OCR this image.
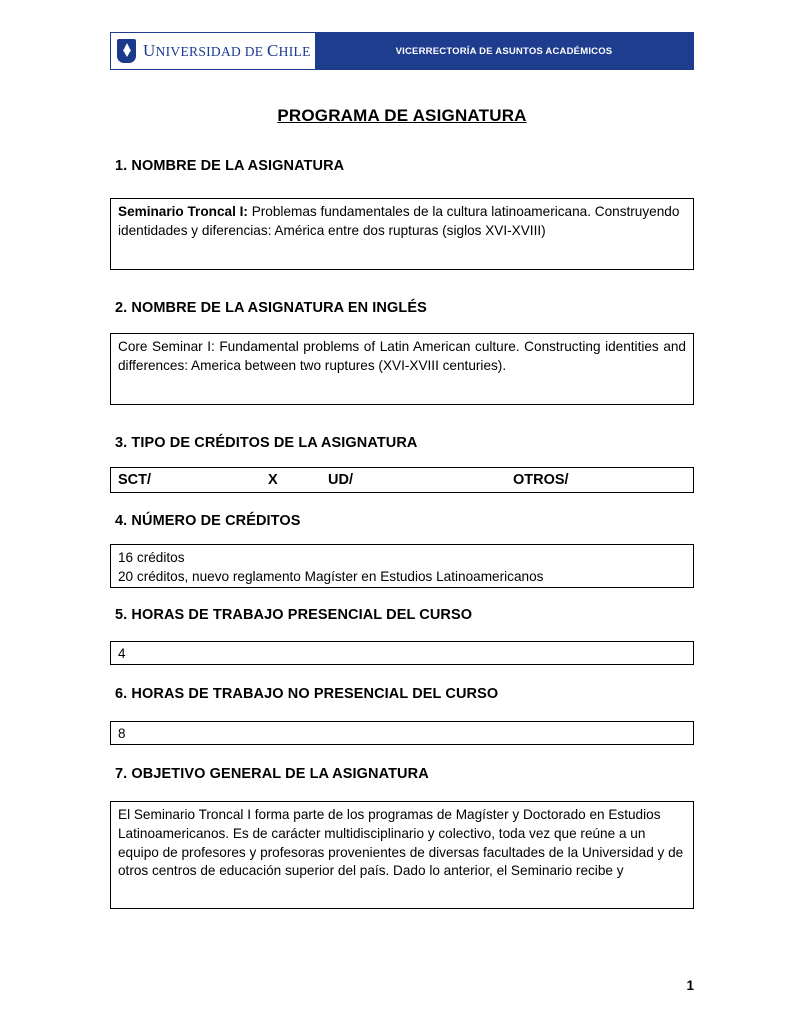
UNIVERSIDAD DE CHILE	VICERRECTORÍA DE ASUNTOS ACADÉMICOS
PROGRAMA DE ASIGNATURA
1. NOMBRE DE LA ASIGNATURA

Seminario Troncal I: Problemas fundamentales de la cultura latinoamericana. Construyendo identidades y diferencias: América entre dos rupturas (siglos XVI-XVIII)

2. NOMBRE DE LA ASIGNATURA EN INGLÉS

Core Seminar I: Fundamental problems of Latin American culture. Constructing identities and differences: America between two ruptures (XVI-XVIII centuries).

3. TIPO DE CRÉDITOS DE LA ASIGNATURA
SCT/	X	UD/	OTROS/
4. NÚMERO DE CRÉDITOS

16 créditos

20 créditos, nuevo reglamento Magíster en Estudios Latinoamericanos

5. HORAS DE TRABAJO PRESENCIAL DEL CURSO
4
6. HORAS DE TRABAJO NO PRESENCIAL DEL CURSO
8
7. OBJETIVO GENERAL DE LA ASIGNATURA

El Seminario Troncal I forma parte de los programas de Magíster y Doctorado en Estudios Latinoamericanos. Es de carácter multidisciplinario y colectivo, toda vez que reúne a un equipo de profesores y profesoras provenientes de diversas facultades de la Universidad y de otros centros de educación superior del país. Dado lo anterior, el Seminario recibe y

1
